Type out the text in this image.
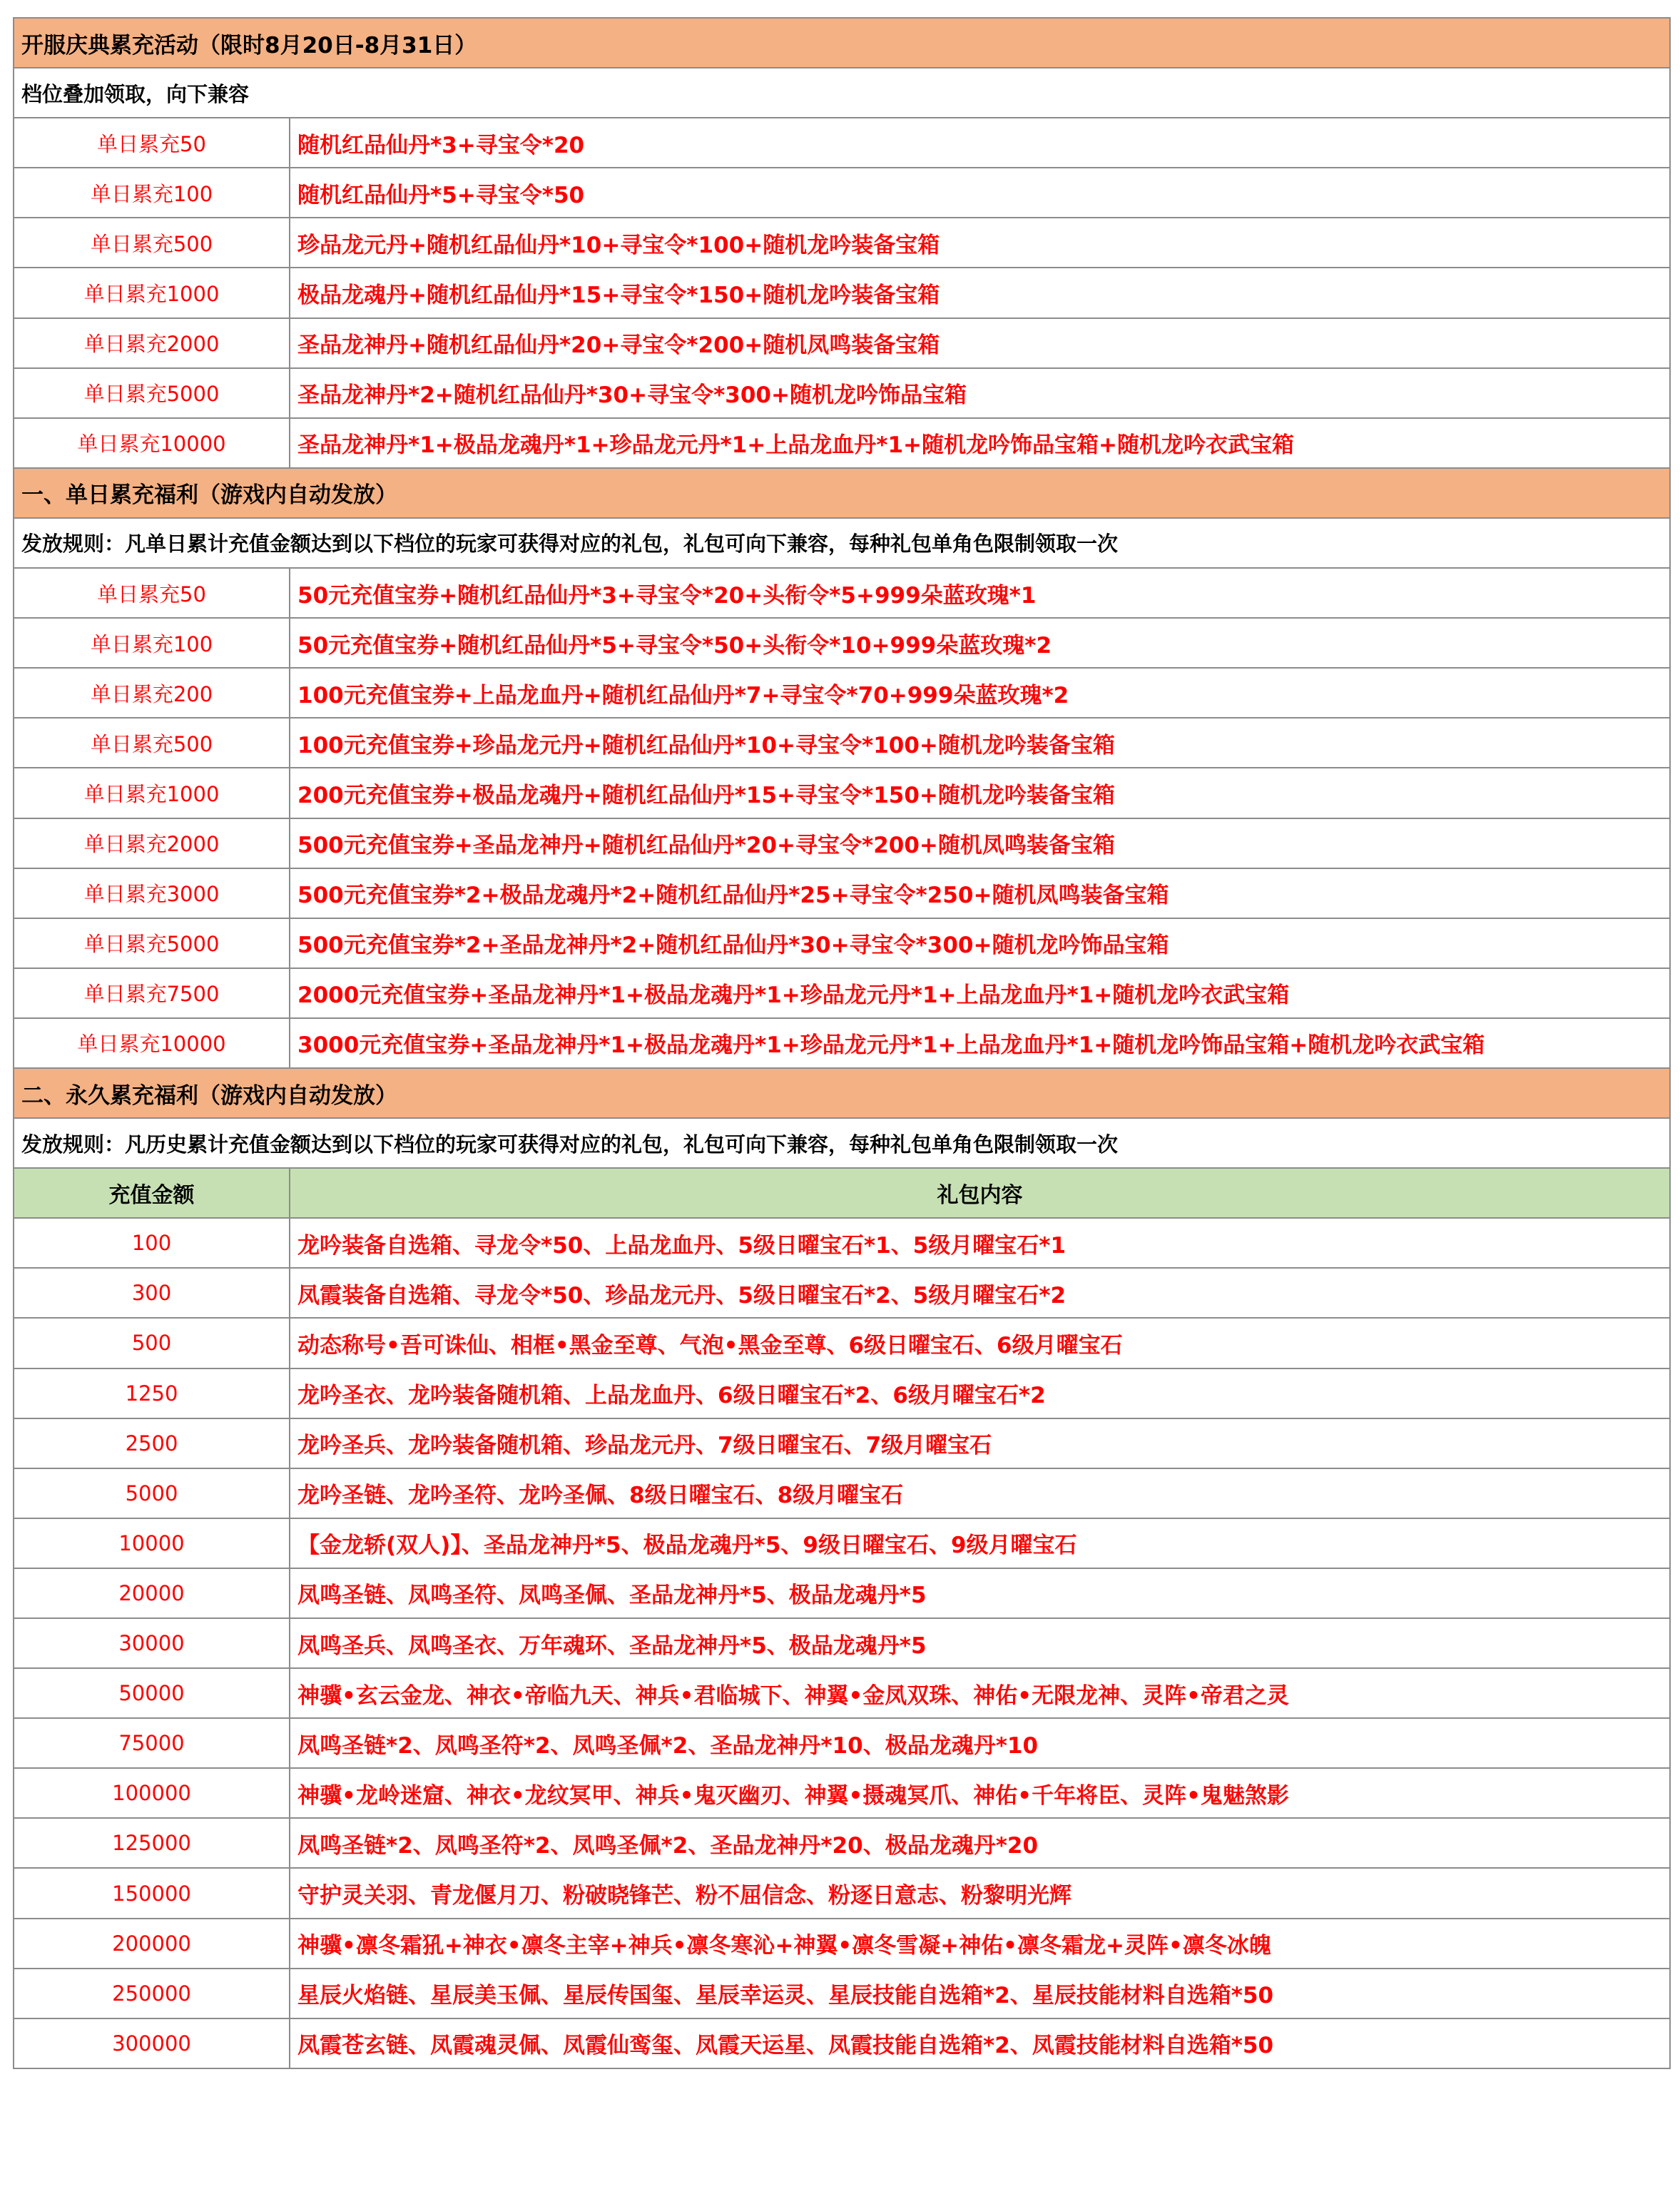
开服庆典累充活动（限时8月20日-8月31日）	
档位叠加领取，向下兼容	
单日累充50	随机红品仙丹*3+寻宝令*20
单日累充100	随机红品仙丹*5+寻宝令*50
单日累充500	珍品龙元丹+随机红品仙丹*10+寻宝令*100+随机龙吟装备宝箱
单日累充1000	极品龙魂丹+随机红品仙丹*15+寻宝令*150+随机龙吟装备宝箱
单日累充2000	圣品龙神丹+随机红品仙丹*20+寻宝令*200+随机凤鸣装备宝箱
单日累充5000	圣品龙神丹*2+随机红品仙丹*30+寻宝令*300+随机龙吟饰品宝箱
单日累充10000	圣品龙神丹*1+极品龙魂丹*1+珍品龙元丹*1+上品龙血丹*1+随机龙吟饰品宝箱+随机龙吟衣武宝箱
一、单日累充福利（游戏内自动发放）	
发放规则：凡单日累计充值金额达到以下档位的玩家可获得对应的礼包，礼包可向下兼容，每种礼包单角色限制领取一次	
单日累充50	50元充值宝券+随机红品仙丹*3+寻宝令*20+头衔令*5+999朵蓝玫瑰*1
单日累充100	50元充值宝券+随机红品仙丹*5+寻宝令*50+头衔令*10+999朵蓝玫瑰*2
单日累充200	100元充值宝券+上品龙血丹+随机红品仙丹*7+寻宝令*70+999朵蓝玫瑰*2
单日累充500	100元充值宝券+珍品龙元丹+随机红品仙丹*10+寻宝令*100+随机龙吟装备宝箱
单日累充1000	200元充值宝券+极品龙魂丹+随机红品仙丹*15+寻宝令*150+随机龙吟装备宝箱
单日累充2000	500元充值宝券+圣品龙神丹+随机红品仙丹*20+寻宝令*200+随机凤鸣装备宝箱
单日累充3000	500元充值宝券*2+极品龙魂丹*2+随机红品仙丹*25+寻宝令*250+随机凤鸣装备宝箱
单日累充5000	500元充值宝券*2+圣品龙神丹*2+随机红品仙丹*30+寻宝令*300+随机龙吟饰品宝箱
单日累充7500	2000元充值宝券+圣品龙神丹*1+极品龙魂丹*1+珍品龙元丹*1+上品龙血丹*1+随机龙吟衣武宝箱
单日累充10000	3000元充值宝券+圣品龙神丹*1+极品龙魂丹*1+珍品龙元丹*1+上品龙血丹*1+随机龙吟饰品宝箱+随机龙吟衣武宝箱
二、永久累充福利（游戏内自动发放）	
发放规则：凡历史累计充值金额达到以下档位的玩家可获得对应的礼包，礼包可向下兼容，每种礼包单角色限制领取一次	
充值金额	礼包内容
100	龙吟装备自选箱、寻龙令*50、上品龙血丹、5级日曜宝石*1、5级月曜宝石*1
300	凤霞装备自选箱、寻龙令*50、珍品龙元丹、5级日曜宝石*2、5级月曜宝石*2
500	动态称号•吾可诛仙、相框•黑金至尊、气泡•黑金至尊、6级日曜宝石、6级月曜宝石
1250	龙吟圣衣、龙吟装备随机箱、上品龙血丹、6级日曜宝石*2、6级月曜宝石*2
2500	龙吟圣兵、龙吟装备随机箱、珍品龙元丹、7级日曜宝石、7级月曜宝石
5000	龙吟圣链、龙吟圣符、龙吟圣佩、8级日曜宝石、8级月曜宝石
10000	【金龙轿(双人)】、圣品龙神丹*5、极品龙魂丹*5、9级日曜宝石、9级月曜宝石
20000	凤鸣圣链、凤鸣圣符、凤鸣圣佩、圣品龙神丹*5、极品龙魂丹*5
30000	凤鸣圣兵、凤鸣圣衣、万年魂环、圣品龙神丹*5、极品龙魂丹*5
50000	神骥•玄云金龙、神衣•帝临九天、神兵•君临城下、神翼•金凤双珠、神佑•无限龙神、灵阵•帝君之灵
75000	凤鸣圣链*2、凤鸣圣符*2、凤鸣圣佩*2、圣品龙神丹*10、极品龙魂丹*10
100000	神骥•龙岭迷窟、神衣•龙纹冥甲、神兵•鬼灭幽刃、神翼•摄魂冥爪、神佑•千年将臣、灵阵•鬼魅煞影
125000	凤鸣圣链*2、凤鸣圣符*2、凤鸣圣佩*2、圣品龙神丹*20、极品龙魂丹*20
150000	守护灵关羽、青龙偃月刀、粉破晓锋芒、粉不屈信念、粉逐日意志、粉黎明光辉
200000	神骥•凛冬霜犼+神衣•凛冬主宰+神兵•凛冬寒沁+神翼•凛冬雪凝+神佑•凛冬霜龙+灵阵•凛冬冰魄
250000	星辰火焰链、星辰美玉佩、星辰传国玺、星辰幸运灵、星辰技能自选箱*2、星辰技能材料自选箱*50
300000	凤霞苍玄链、凤霞魂灵佩、凤霞仙鸾玺、凤霞天运星、凤霞技能自选箱*2、凤霞技能材料自选箱*50
